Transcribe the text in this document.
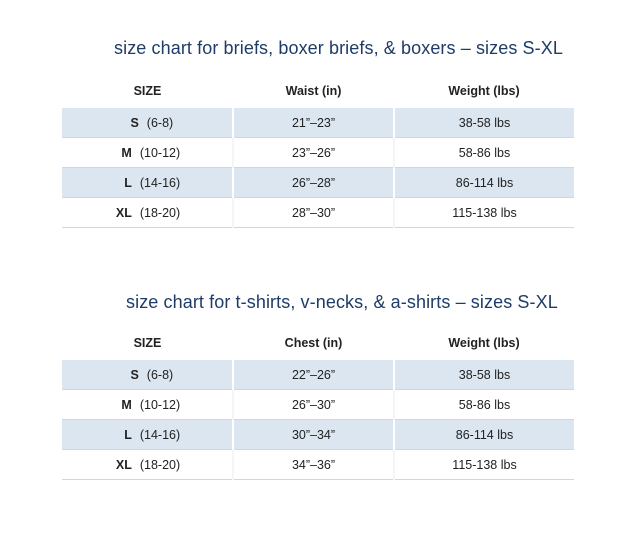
size chart for briefs, boxer briefs, & boxers – sizes S-XL
SIZE	Waist (in)	Weight (lbs)
S (6-8)	21”–23”	38-58 lbs
M (10-12)	23”–26”	58-86 lbs
L (14-16)	26”–28”	86-114 lbs
XL (18-20)	28”–30”	115-138 lbs
size chart for t-shirts, v-necks, & a-shirts – sizes S-XL
SIZE	Chest (in)	Weight (lbs)
S (6-8)	22”–26”	38-58 lbs
M (10-12)	26”–30”	58-86 lbs
L (14-16)	30”–34”	86-114 lbs
XL (18-20)	34”–36”	115-138 lbs
